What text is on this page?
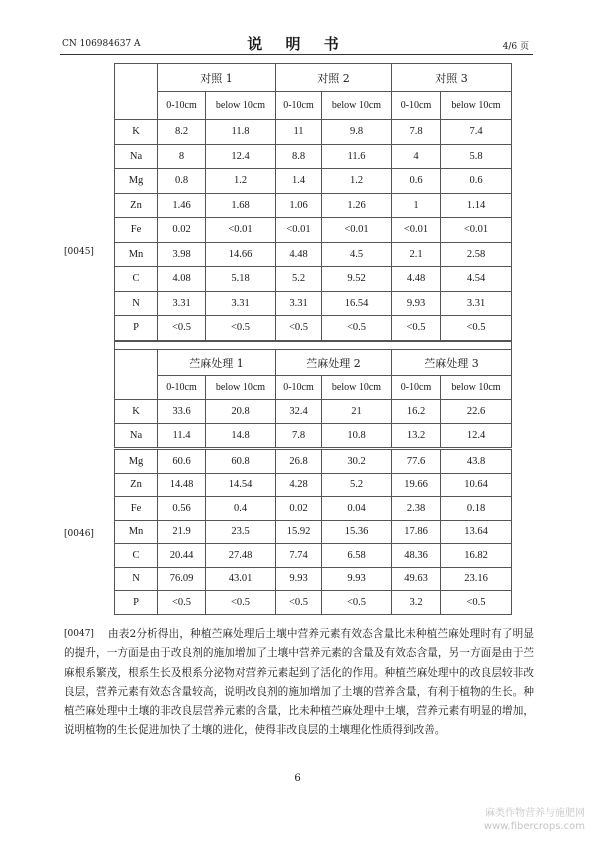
CN 106984637 A	说 明 书	4/6 页
[0045]
[0046]
	对照 1		对照 2		对照 3	
	0-10cm	below 10cm	0-10cm	below 10cm	0-10cm	below 10cm
K	8.2	11.8	11	9.8	7.8	7.4
Na	8	12.4	8.8	11.6	4	5.8
Mg	0.8	1.2	1.4	1.2	0.6	0.6
Zn	1.46	1.68	1.06	1.26	1	1.14
Fe	0.02	<0.01	<0.01	<0.01	<0.01	<0.01
Mn	3.98	14.66	4.48	4.5	2.1	2.58
C	4.08	5.18	5.2	9.52	4.48	4.54
N	3.31	3.31	3.31	16.54	9.93	3.31
P	<0.5	<0.5	<0.5	<0.5	<0.5	<0.5

	苎麻处理 1		苎麻处理 2		苎麻处理 3	
	0-10cm	below 10cm	0-10cm	below 10cm	0-10cm	below 10cm
K	33.6	20.8	32.4	21	16.2	22.6
Na	11.4	14.8	7.8	10.8	13.2	12.4
Mg	60.6	60.8	26.8	30.2	77.6	43.8
Zn	14.48	14.54	4.28	5.2	19.66	10.64
Fe	0.56	0.4	0.02	0.04	2.38	0.18
Mn	21.9	23.5	15.92	15.36	17.86	13.64
C	20.44	27.48	7.74	6.58	48.36	16.82
N	76.09	43.01	9.93	9.93	49.63	23.16
P	<0.5	<0.5	<0.5	<0.5	3.2	<0.5
[0047]	由表2分析得出，种植苎麻处理后土壤中营养元素有效态含量比未种植苎麻处理时有了明显的提升，一方面是由于改良剂的施加增加了土壤中营养元素的含量及有效态含量，另一方面是由于苎麻根系繁茂，根系生长及根系分泌物对营养元素起到了活化的作用。种植苎麻处理中的改良层较非改良层，营养元素有效态含量较高，说明改良剂的施加增加了土壤的营养含量，有利于植物的生长。种植苎麻处理中土壤的非改良层营养元素的含量，比未种植苎麻处理中土壤，营养元素有明显的增加，说明植物的生长促进加快了土壤的进化，使得非改良层的土壤理化性质得到改善。
6
麻类作物营养与施肥网
www.fibercrops.com
